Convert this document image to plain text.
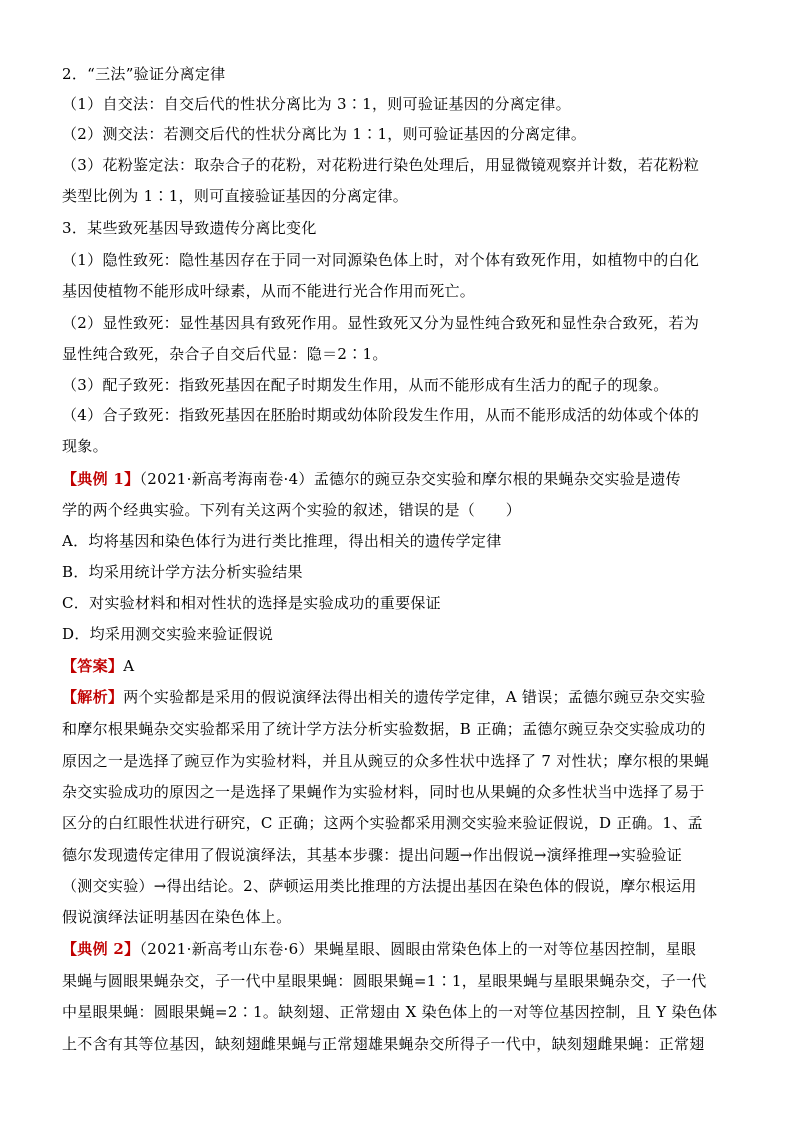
2．“三法”验证分离定律
（1）自交法：自交后代的性状分离比为 3∶1，则可验证基因的分离定律。
（2）测交法：若测交后代的性状分离比为 1∶1，则可验证基因的分离定律。
（3）花粉鉴定法：取杂合子的花粉，对花粉进行染色处理后，用显微镜观察并计数，若花粉粒
类型比例为 1∶1，则可直接验证基因的分离定律。
3．某些致死基因导致遗传分离比变化
（1）隐性致死：隐性基因存在于同一对同源染色体上时，对个体有致死作用，如植物中的白化
基因使植物不能形成叶绿素，从而不能进行光合作用而死亡。
（2）显性致死：显性基因具有致死作用。显性致死又分为显性纯合致死和显性杂合致死，若为
显性纯合致死，杂合子自交后代显：隐＝2∶1。
（3）配子致死：指致死基因在配子时期发生作用，从而不能形成有生活力的配子的现象。
（4）合子致死：指致死基因在胚胎时期或幼体阶段发生作用，从而不能形成活的幼体或个体的
现象。
【典例 1】（2021·新高考海南卷·4）孟德尔的豌豆杂交实验和摩尔根的果蝇杂交实验是遗传
学的两个经典实验。下列有关这两个实验的叙述，错误的是（　　）
A．均将基因和染色体行为进行类比推理，得出相关的遗传学定律
B．均采用统计学方法分析实验结果
C．对实验材料和相对性状的选择是实验成功的重要保证
D．均采用测交实验来验证假说
【答案】A
【解析】两个实验都是采用的假说演绎法得出相关的遗传学定律，A 错误；孟德尔豌豆杂交实验
和摩尔根果蝇杂交实验都采用了统计学方法分析实验数据，B 正确；孟德尔豌豆杂交实验成功的
原因之一是选择了豌豆作为实验材料，并且从豌豆的众多性状中选择了 7 对性状；摩尔根的果蝇
杂交实验成功的原因之一是选择了果蝇作为实验材料，同时也从果蝇的众多性状当中选择了易于
区分的白红眼性状进行研究，C 正确；这两个实验都采用测交实验来验证假说，D 正确。1、孟
德尔发现遗传定律用了假说演绎法，其基本步骤：提出问题→作出假说→演绎推理→实验验证
（测交实验）→得出结论。2、萨顿运用类比推理的方法提出基因在染色体的假说，摩尔根运用
假说演绎法证明基因在染色体上。
【典例 2】（2021·新高考山东卷·6）果蝇星眼、圆眼由常染色体上的一对等位基因控制，星眼
果蝇与圆眼果蝇杂交，子一代中星眼果蝇：圆眼果蝇=1∶1，星眼果蝇与星眼果蝇杂交，子一代
中星眼果蝇：圆眼果蝇=2∶1。缺刻翅、正常翅由 X 染色体上的一对等位基因控制，且 Y 染色体
上不含有其等位基因，缺刻翅雌果蝇与正常翅雄果蝇杂交所得子一代中，缺刻翅雌果蝇：正常翅
